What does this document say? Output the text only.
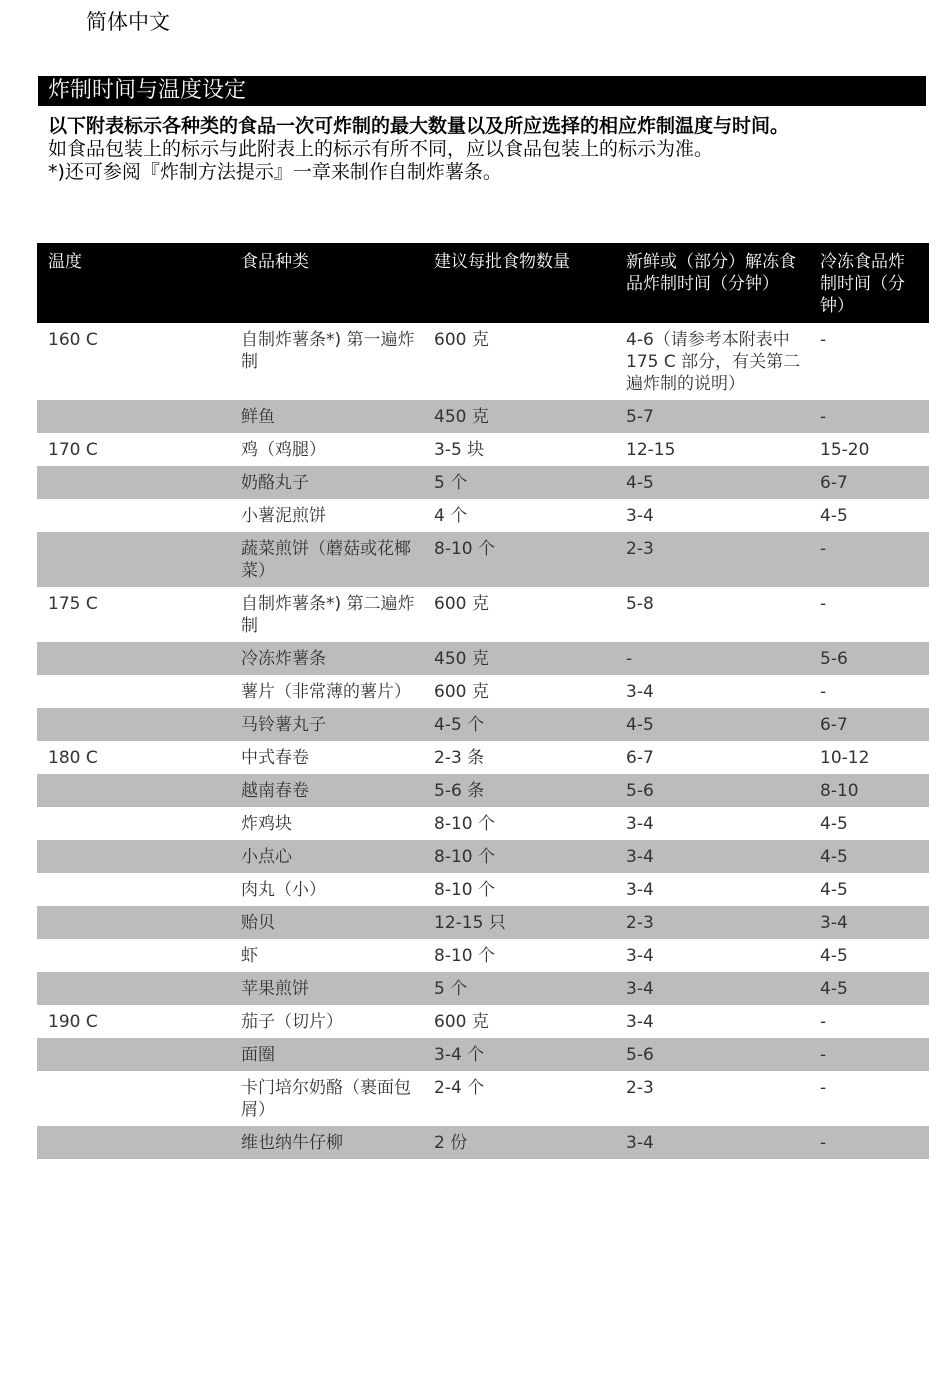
简体中文
炸制时间与温度设定

以下附表标示各种类的食品一次可炸制的最大数量以及所应选择的相应炸制温度与时间。

如食品包装上的标示与此附表上的标示有所不同，应以食品包装上的标示为准。

*)还可参阅『炸制方法提示』一章来制作自制炸薯条。

温度	食品种类	建议每批食物数量	新鲜或（部分）解冻食品炸制时间（分钟）	冷冻食品炸制时间（分钟）
160 C	自制炸薯条*) 第一遍炸制	600 克	4-6（请参考本附表中 175 C 部分，有关第二遍炸制的说明）	-
	鲜鱼	450 克	5-7	-
170 C	鸡（鸡腿）	3-5 块	12-15	15-20
	奶酪丸子	5 个	4-5	6-7
	小薯泥煎饼	4 个	3-4	4-5
	蔬菜煎饼（蘑菇或花椰菜）	8-10 个	2-3	-
175 C	自制炸薯条*) 第二遍炸制	600 克	5-8	-
	冷冻炸薯条	450 克	-	5-6
	薯片（非常薄的薯片）	600 克	3-4	-
	马铃薯丸子	4-5 个	4-5	6-7
180 C	中式春卷	2-3 条	6-7	10-12
	越南春卷	5-6 条	5-6	8-10
	炸鸡块	8-10 个	3-4	4-5
	小点心	8-10 个	3-4	4-5
	肉丸（小）	8-10 个	3-4	4-5
	贻贝	12-15 只	2-3	3-4
	虾	8-10 个	3-4	4-5
	苹果煎饼	5 个	3-4	4-5
190 C	茄子（切片）	600 克	3-4	-
	面圈	3-4 个	5-6	-
	卡门培尔奶酪（裹面包屑）	2-4 个	2-3	-
	维也纳牛仔柳	2 份	3-4	-
